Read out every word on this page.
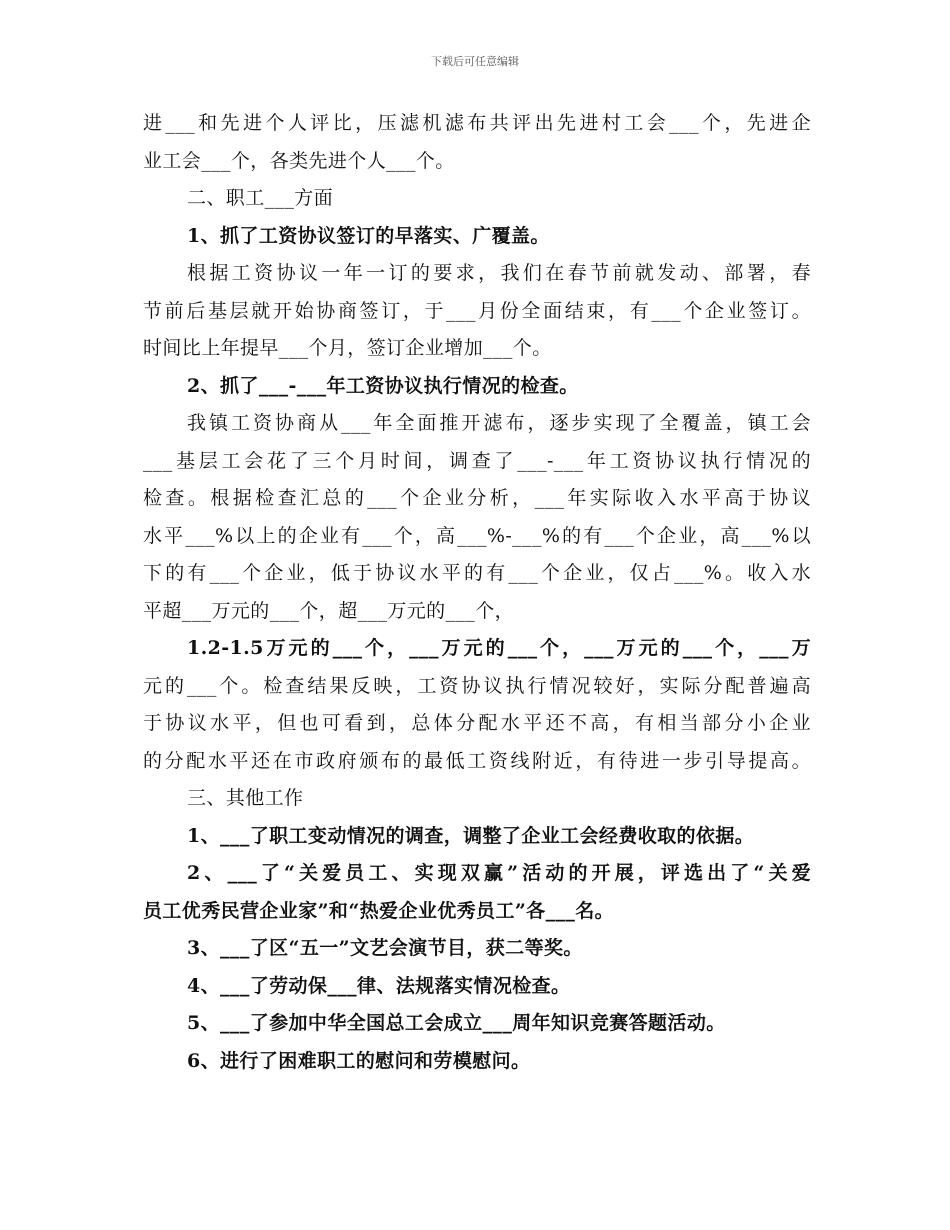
下载后可任意编辑
进___和先进个人评比，压滤机滤布共评出先进村工会___个，先进企
业工会___个，各类先进个人___个。
二、职工___方面
1、抓了工资协议签订的早落实、广覆盖。
根据工资协议一年一订的要求，我们在春节前就发动、部署，春
节前后基层就开始协商签订，于___月份全面结束，有___个企业签订。
时间比上年提早___个月，签订企业增加___个。
2、抓了___-___年工资协议执行情况的检查。
我镇工资协商从___年全面推开滤布，逐步实现了全覆盖，镇工会
___基层工会花了三个月时间，调查了___-___年工资协议执行情况的
检查。根据检查汇总的___个企业分析，___年实际收入水平高于协议
水平___%以上的企业有___个，高___%-___%的有___个企业，高___%以
下的有___个企业，低于协议水平的有___个企业，仅占___%。收入水
平超___万元的___个，超___万元的___个，
1.2-1.5万元的___个，___万元的___个，___万元的___个，___万
元的___个。检查结果反映，工资协议执行情况较好，实际分配普遍高
于协议水平，但也可看到，总体分配水平还不高，有相当部分小企业
的分配水平还在市政府颁布的最低工资线附近，有待进一步引导提高。
三、其他工作
1、___了职工变动情况的调查，调整了企业工会经费收取的依据。
2、___了“关爱员工、实现双赢”活动的开展，评选出了“关爱
员工优秀民营企业家”和“热爱企业优秀员工”各___名。
3、___了区“五一”文艺会演节目，获二等奖。
4、___了劳动保___律、法规落实情况检查。
5、___了参加中华全国总工会成立___周年知识竞赛答题活动。
6、进行了困难职工的慰问和劳模慰问。
